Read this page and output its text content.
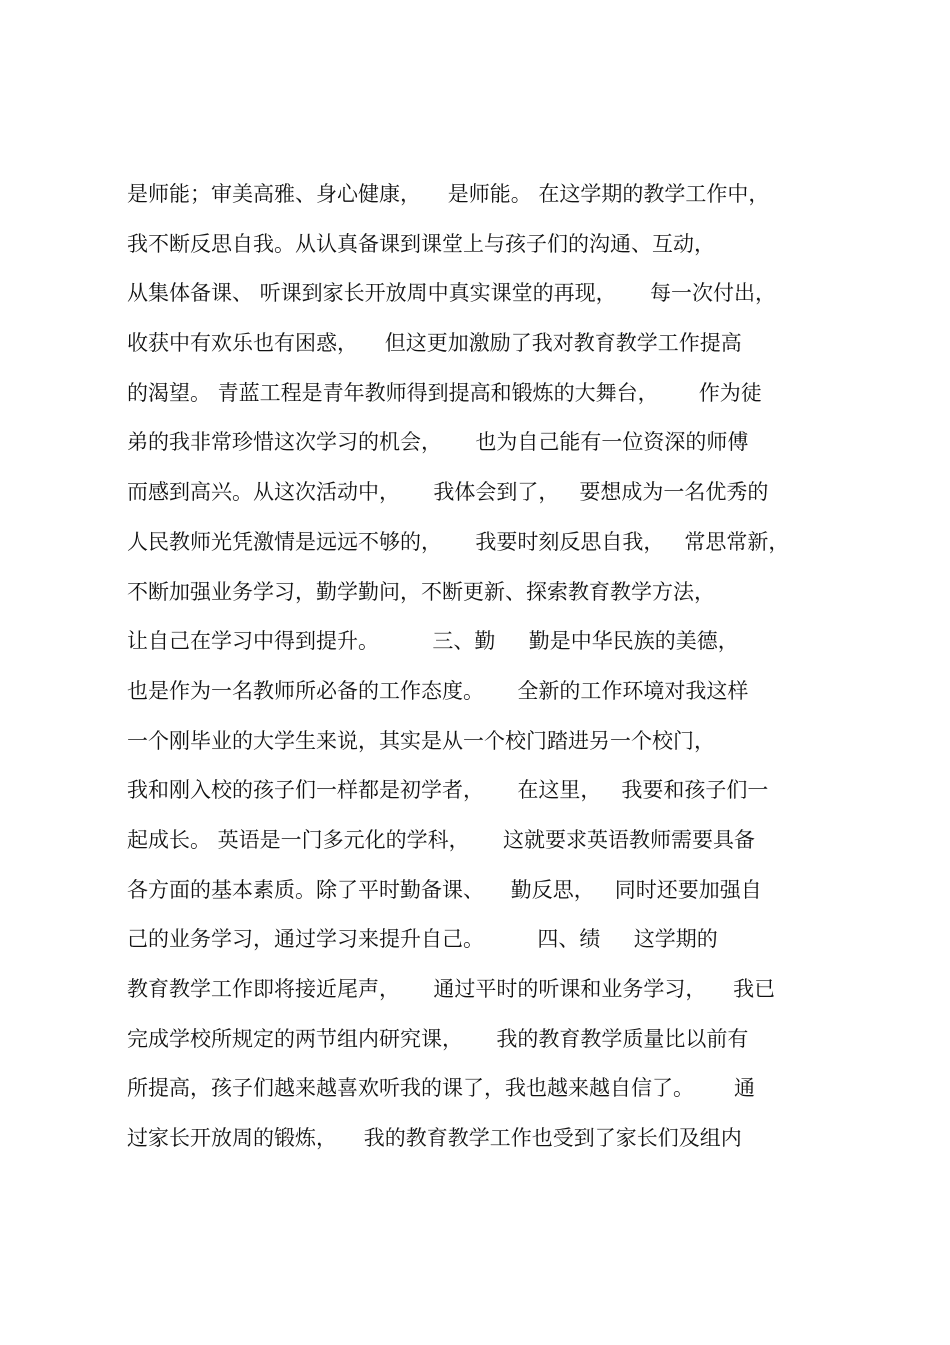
是师能；审美高雅、身心健康，    是师能。 在这学期的教学工作中，
我不断反思自我。从认真备课到课堂上与孩子们的沟通、互动，
从集体备课、 听课到家长开放周中真实课堂的再现，     每一次付出，
收获中有欢乐也有困惑，    但这更加激励了我对教育教学工作提高
的渴望。 青蓝工程是青年教师得到提高和锻炼的大舞台，      作为徒
弟的我非常珍惜这次学习的机会，     也为自己能有一位资深的师傅
而感到高兴。从这次活动中，     我体会到了，   要想成为一名优秀的
人民教师光凭激情是远远不够的，     我要时刻反思自我，   常思常新，
不断加强业务学习，勤学勤问，不断更新、探索教育教学方法，
让自己在学习中得到提升。        三、勤     勤是中华民族的美德，
也是作为一名教师所必备的工作态度。     全新的工作环境对我这样
一个刚毕业的大学生来说，其实是从一个校门踏进另一个校门，
我和刚入校的孩子们一样都是初学者，     在这里，   我要和孩子们一
起成长。 英语是一门多元化的学科，     这就要求英语教师需要具备
各方面的基本素质。除了平时勤备课、    勤反思，   同时还要加强自
己的业务学习，通过学习来提升自己。        四、绩     这学期的
教育教学工作即将接近尾声，     通过平时的听课和业务学习，    我已
完成学校所规定的两节组内研究课，     我的教育教学质量比以前有
所提高，孩子们越来越喜欢听我的课了，我也越来越自信了。      通
过家长开放周的锻炼，    我的教育教学工作也受到了家长们及组内
